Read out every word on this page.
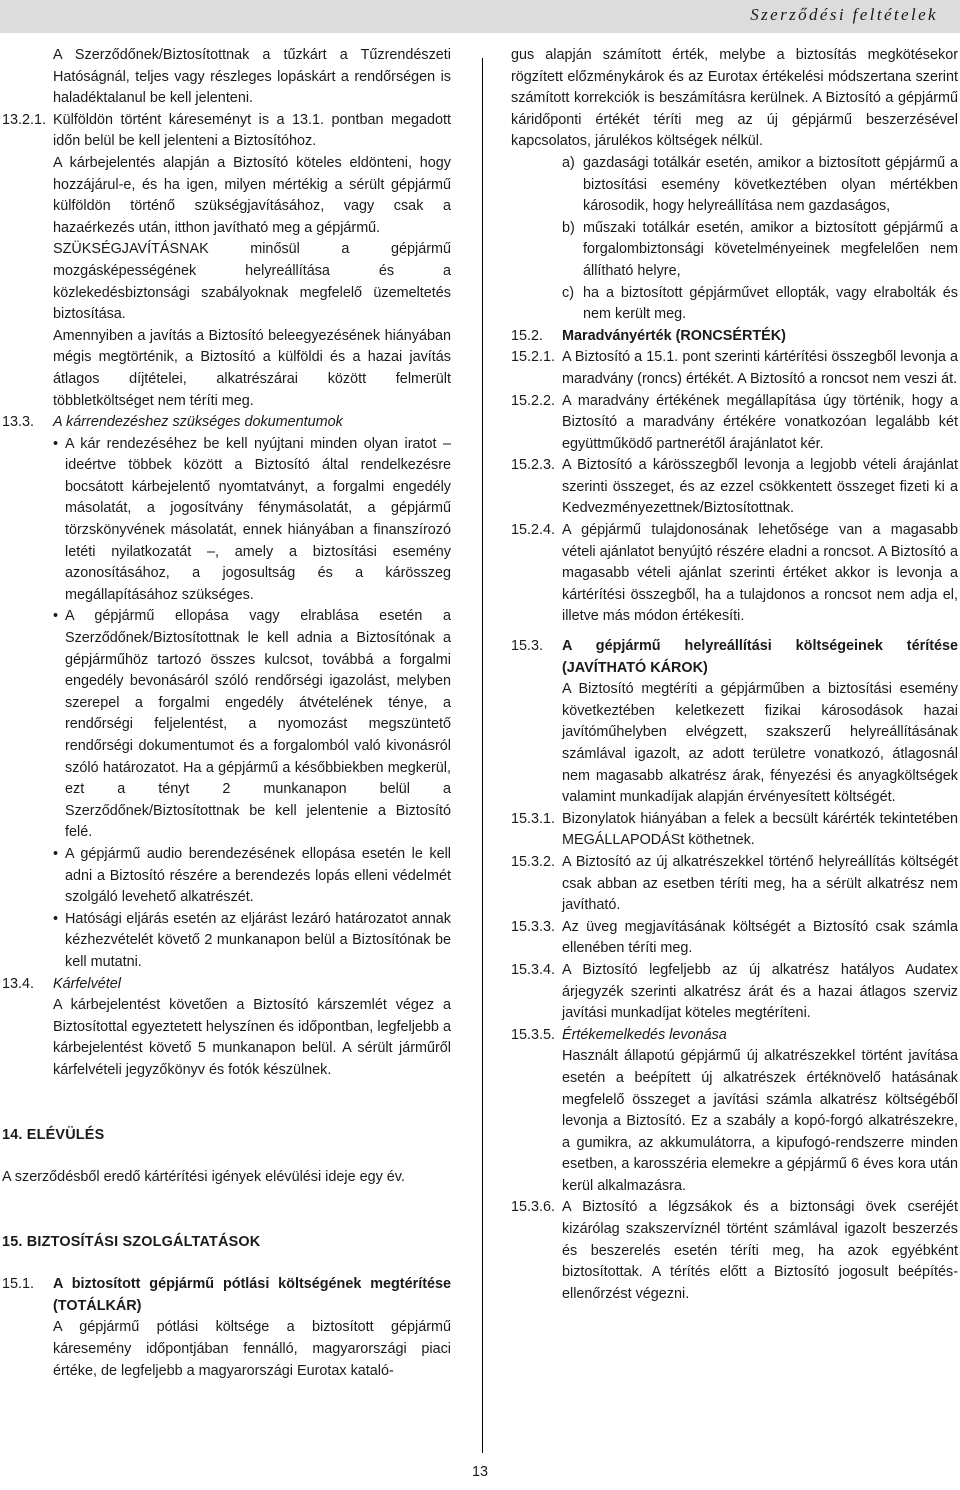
Szerződési feltételek

A Szerződőnek/Biztosítottnak a tűzkárt a Tűzrendészeti Hatóságnál, teljes vagy részleges lopáskárt a rendőrségen is haladéktalanul be kell jelenteni.

13.2.1. Külföldön történt káreseményt is a 13.1. pontban megadott időn belül be kell jelenteni a Biztosítóhoz.

A kárbejelentés alapján a Biztosító köteles eldönteni, hogy hozzájárul-e, és ha igen, milyen mértékig a sérült gépjármű külföldön történő szükségjavításához, vagy csak a hazaérkezés után, itthon javítható meg a gépjármű.

SZÜKSÉGJAVÍTÁSNAK minősül a gépjármű mozgásképességének helyreállítása és a közlekedésbiztonsági szabályoknak megfelelő üzemeltetés biztosítása.

Amennyiben a javítás a Biztosító beleegyezésének hiányában mégis megtörténik, a Biztosító a külföldi és a hazai javítás átlagos díjtételei, alkatrészárai között felmerült többletköltséget nem téríti meg.

13.3.	A kárrendezéshez szükséges dokumentumok
• A kár rendezéséhez be kell nyújtani minden olyan iratot – ideértve többek között a Biztosító által rendelkezésre bocsátott kárbejelentő nyomtatványt, a forgalmi engedély másolatát, a jogosítvány fénymásolatát, a gépjármű törzskönyvének másolatát, ennek hiányában a finanszírozó letéti nyilatkozatát –, amely a biztosítási esemény azonosításához, a jogosultság és a kárösszeg megállapításához szükséges.
• A gépjármű ellopása vagy elrablása esetén a Szerződőnek/Biztosítottnak le kell adnia a Biztosítónak a gépjárműhöz tartozó összes kulcsot, továbbá a forgalmi engedély bevonásáról szóló rendőrségi igazolást, melyben szerepel a forgalmi engedély átvételének ténye, a rendőrségi feljelentést, a nyomozást megszüntető rendőrségi dokumentumot és a forgalomból való kivonásról szóló határozatot. Ha a gépjármű a későbbiekben megkerül, ezt a tényt 2 munkanapon belül a Szerződőnek/Biztosítottnak be kell jelentenie a Biztosító felé.
• A gépjármű audio berendezésének ellopása esetén le kell adni a Biztosító részére a berendezés lopás elleni védelmét szolgáló levehető alkatrészét.
• Hatósági eljárás esetén az eljárást lezáró határozatot annak kézhezvételét követő 2 munkanapon belül a Biztosítónak be kell mutatni.
13.4.	Kárfelvétel

A kárbejelentést követően a Biztosító kárszemlét végez a Biztosítottal egyeztetett helyszínen és időpontban, legfeljebb a kárbejelentést követő 5 munkanapon belül. A sérült járműről kárfelvételi jegyzőkönyv és fotók készülnek.

14. ELÉVÜLÉS

A szerződésből eredő kártérítési igények elévülési ideje egy év.

15. BIZTOSÍTÁSI SZOLGÁLTATÁSOK

15.1.	A biztosított gépjármű pótlási költségének megtérítése (TOTÁLKÁR)

A gépjármű pótlási költsége a biztosított gépjármű káresemény időpontjában fennálló, magyarországi piaci értéke, de legfeljebb a magyarországi Eurotax kataló-

gus alapján számított érték, melybe a biztosítás megkötésekor rögzített előzménykárok és az Eurotax értékelési módszertana szerint számított korrekciók is beszámításra kerülnek. A Biztosító a gépjármű káridőponti értékét téríti meg az új gépjármű beszerzésével kapcsolatos, járulékos költségek nélkül.

a) gazdasági totálkár esetén, amikor a biztosított gépjármű a biztosítási esemény következtében olyan mértékben károsodik, hogy helyreállítása nem gazdaságos,
b) műszaki totálkár esetén, amikor a biztosított gépjármű a forgalombiztonsági követelményeinek megfelelően nem állítható helyre,
c) ha a biztosított gépjárművet ellopták, vagy elrabolták és nem került meg.
15.2.	Maradványérték (RONCSÉRTÉK)
15.2.1. A Biztosító a 15.1. pont szerinti kártérítési összegből levonja a maradvány (roncs) értékét. A Biztosító a roncsot nem veszi át.
15.2.2. A maradvány értékének megállapítása úgy történik, hogy a Biztosító a maradvány értékére vonatkozóan legalább két együttműködő partnerétől árajánlatot kér.
15.2.3. A Biztosító a kárösszegből levonja a legjobb vételi árajánlat szerinti összeget, és az ezzel csökkentett összeget fizeti ki a Kedvezményezettnek/Biztosítottnak.
15.2.4. A gépjármű tulajdonosának lehetősége van a magasabb vételi ajánlatot benyújtó részére eladni a roncsot. A Biztosító a magasabb vételi ajánlat szerinti értéket akkor is levonja a kártérítési összegből, ha a tulajdonos a roncsot nem adja el, illetve más módon értékesíti.
15.3.	A gépjármű helyreállítási költségeinek térítése (JAVÍTHATÓ KÁROK)

A Biztosító megtéríti a gépjárműben a biztosítási esemény következtében keletkezett fizikai károsodások hazai javítóműhelyben elvégzett, szakszerű helyreállításának számlával igazolt, az adott területre vonatkozó, átlagosnál nem magasabb alkatrész árak, fényezési és anyagköltségek valamint munkadíjak alapján érvényesített költségét.

15.3.1. Bizonylatok hiányában a felek a becsült kárérték tekintetében MEGÁLLAPODÁSt köthetnek.
15.3.2. A Biztosító az új alkatrészekkel történő helyreállítás költségét csak abban az esetben téríti meg, ha a sérült alkatrész nem javítható.
15.3.3. Az üveg megjavításának költségét a Biztosító csak számla ellenében téríti meg.
15.3.4. A Biztosító legfeljebb az új alkatrész hatályos Audatex árjegyzék szerinti alkatrész árát és a hazai átlagos szerviz javítási munkadíjat köteles megtéríteni.
15.3.5. Értékemelkedés levonása

Használt állapotú gépjármű új alkatrészekkel történt javítása esetén a beépített új alkatrészek értéknövelő hatásának megfelelő összeget a javítási számla alkatrész költségéből levonja a Biztosító. Ez a szabály a kopó-forgó alkatrészekre, a gumikra, az akkumulátorra, a kipufogó-rendszerre minden esetben, a karosszéria elemekre a gépjármű 6 éves kora után kerül alkalmazásra.

15.3.6. A Biztosító a légzsákok és a biztonsági övek cseréjét kizárólag szakszervíznél történt számlával igazolt beszerzés és beszerelés esetén téríti meg, ha azok egyébként biztosítottak. A térítés előtt a Biztosító jogosult beépítés-ellenőrzést végezni.
13
